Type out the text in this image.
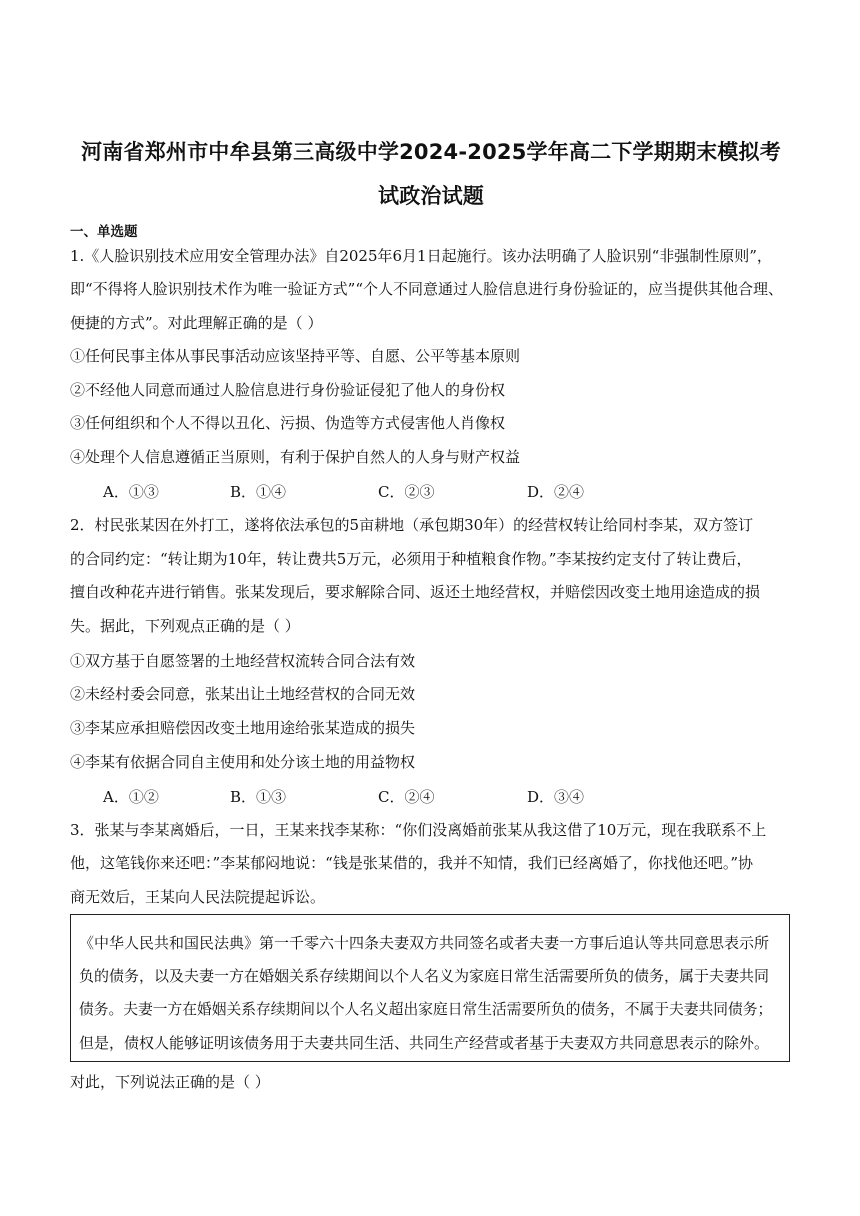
河南省郑州市中牟县第三高级中学2024-2025学年高二下学期期末模拟考
试政治试题
一、单选题
1.《人脸识别技术应用安全管理办法》自2025年6月1日起施行。该办法明确了人脸识别“非强制性原则”，
即“不得将人脸识别技术作为唯一验证方式”“个人不同意通过人脸信息进行身份验证的，应当提供其他合理、
便捷的方式”。对此理解正确的是（ ）
①任何民事主体从事民事活动应该坚持平等、自愿、公平等基本原则
②不经他人同意而通过人脸信息进行身份验证侵犯了他人的身份权
③任何组织和个人不得以丑化、污损、伪造等方式侵害他人肖像权
④处理个人信息遵循正当原则，有利于保护自然人的人身与财产权益
A．①③	B．①④	C．②③	D．②④
2．村民张某因在外打工，遂将依法承包的5亩耕地（承包期30年）的经营权转让给同村李某，双方签订
的合同约定：“转让期为10年，转让费共5万元，必须用于种植粮食作物。”李某按约定支付了转让费后，
擅自改种花卉进行销售。张某发现后，要求解除合同、返还土地经营权，并赔偿因改变土地用途造成的损
失。据此，下列观点正确的是（ ）
①双方基于自愿签署的土地经营权流转合同合法有效
②未经村委会同意，张某出让土地经营权的合同无效
③李某应承担赔偿因改变土地用途给张某造成的损失
④李某有依据合同自主使用和处分该土地的用益物权
A．①②	B．①③	C．②④	D．③④
3．张某与李某离婚后，一日，王某来找李某称：“你们没离婚前张某从我这借了10万元，现在我联系不上
他，这笔钱你来还吧：”李某郁闷地说：“钱是张某借的，我并不知情，我们已经离婚了，你找他还吧。”协
商无效后，王某向人民法院提起诉讼。
《中华人民共和国民法典》第一千零六十四条夫妻双方共同签名或者夫妻一方事后追认等共同意思表示所
负的债务，以及夫妻一方在婚姻关系存续期间以个人名义为家庭日常生活需要所负的债务，属于夫妻共同
债务。夫妻一方在婚姻关系存续期间以个人名义超出家庭日常生活需要所负的债务，不属于夫妻共同债务；
但是，债权人能够证明该债务用于夫妻共同生活、共同生产经营或者基于夫妻双方共同意思表示的除外。
对此，下列说法正确的是（ ）
